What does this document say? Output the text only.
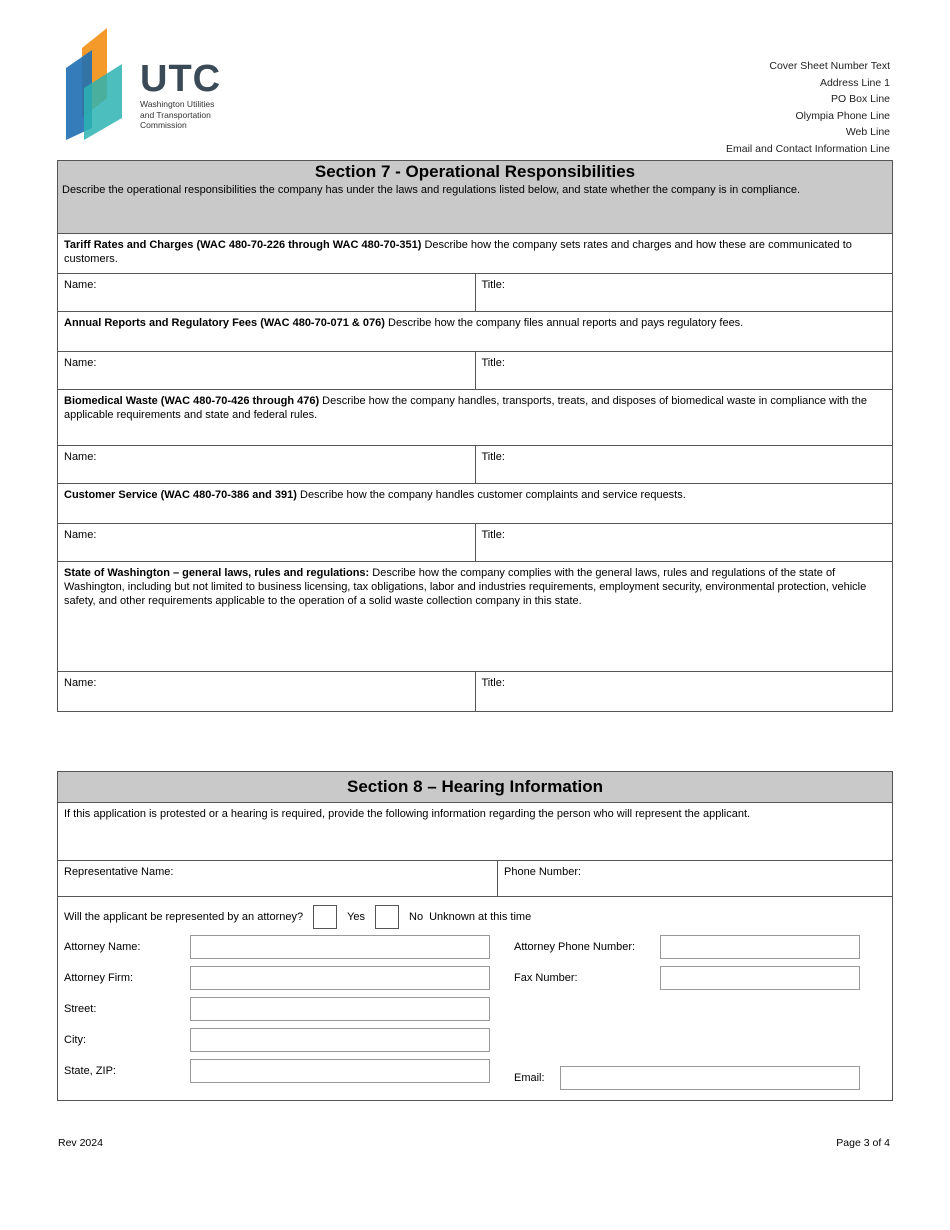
UTC
Washington Utilities
and Transportation
Commission
Cover Sheet Number Text
Address Line 1
PO Box Line
Olympia Phone Line
Web Line
Email and Contact Information Line
Section 7 - Operational Responsibilities
Describe the operational responsibilities the company has under the laws and regulations listed below, and state whether the company is in compliance.
Tariff Rates and Charges (WAC 480-70-226 through WAC 480-70-351) Describe how the company sets rates and charges and how these are communicated to customers.
Name:	Title:
Annual Reports and Regulatory Fees (WAC 480-70-071 & 076) Describe how the company files annual reports and pays regulatory fees.
Name:	Title:
Biomedical Waste (WAC 480-70-426 through 476) Describe how the company handles, transports, treats, and disposes of biomedical waste in compliance with the applicable requirements and state and federal rules.
Name:	Title:
Customer Service (WAC 480-70-386 and 391) Describe how the company handles customer complaints and service requests.
Name:	Title:
State of Washington – general laws, rules and regulations: Describe how the company complies with the general laws, rules and regulations of the state of Washington, including but not limited to business licensing, tax obligations, labor and industries requirements, employment security, environmental protection, vehicle safety, and other requirements applicable to the operation of a solid waste collection company in this state.
Name:	Title:
Section 8 – Hearing Information
If this application is protested or a hearing is required, provide the following information regarding the person who will represent the applicant.
Representative Name:	Phone Number:
Will the applicant be represented by an attorney?	Yes	No Unknown at this time
Attorney Name:
Attorney Firm:
Street:
City:
State, ZIP:
Attorney Phone Number:
Fax Number:
Email:
Rev 2024	Page 3 of 4
